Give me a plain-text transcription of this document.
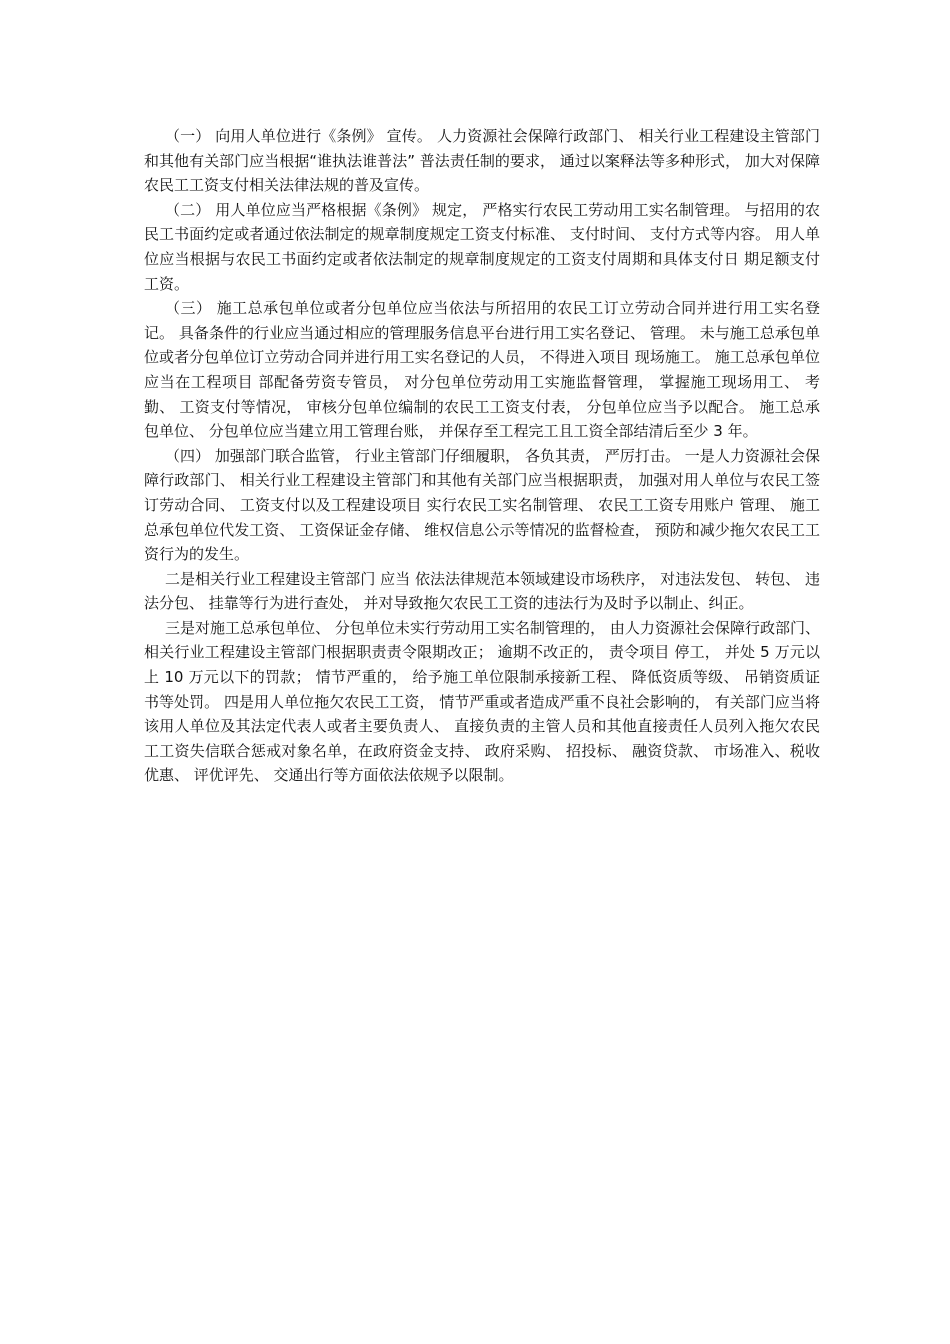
（一） 向用人单位进行《条例》 宣传。 人力资源社会保障行政部门、 相关行业工程建设主管部门和其他有关部门应当根据“谁执法谁普法” 普法责任制的要求， 通过以案释法等多种形式， 加大对保障农民工工资支付相关法律法规的普及宣传。

（二） 用人单位应当严格根据《条例》 规定， 严格实行农民工劳动用工实名制管理。 与招用的农民工书面约定或者通过依法制定的规章制度规定工资支付标准、 支付时间、 支付方式等内容。 用人单位应当根据与农民工书面约定或者依法制定的规章制度规定的工资支付周期和具体支付日 期足额支付工资。

（三） 施工总承包单位或者分包单位应当依法与所招用的农民工订立劳动合同并进行用工实名登记。 具备条件的行业应当通过相应的管理服务信息平台进行用工实名登记、 管理。 未与施工总承包单位或者分包单位订立劳动合同并进行用工实名登记的人员， 不得进入项目 现场施工。 施工总承包单位应当在工程项目 部配备劳资专管员， 对分包单位劳动用工实施监督管理， 掌握施工现场用工、 考勤、 工资支付等情况， 审核分包单位编制的农民工工资支付表， 分包单位应当予以配合。 施工总承包单位、 分包单位应当建立用工管理台账， 并保存至工程完工且工资全部结清后至少 3 年。

（四） 加强部门联合监管， 行业主管部门仔细履职， 各负其责， 严厉打击。 一是人力资源社会保障行政部门、 相关行业工程建设主管部门和其他有关部门应当根据职责， 加强对用人单位与农民工签订劳动合同、 工资支付以及工程建设项目 实行农民工实名制管理、 农民工工资专用账户 管理、 施工总承包单位代发工资、 工资保证金存储、 维权信息公示等情况的监督检查， 预防和减少拖欠农民工工资行为的发生。

二是相关行业工程建设主管部门 应当 依法法律规范本领域建设市场秩序， 对违法发包、 转包、 违法分包、 挂靠等行为进行查处， 并对导致拖欠农民工工资的违法行为及时予以制止、纠正。

三是对施工总承包单位、 分包单位未实行劳动用工实名制管理的， 由人力资源社会保障行政部门、 相关行业工程建设主管部门根据职责责令限期改正； 逾期不改正的， 责令项目 停工， 并处 5 万元以上 10 万元以下的罚款； 情节严重的， 给予施工单位限制承接新工程、 降低资质等级、 吊销资质证书等处罚。 四是用人单位拖欠农民工工资， 情节严重或者造成严重不良社会影响的， 有关部门应当将该用人单位及其法定代表人或者主要负责人、 直接负责的主管人员和其他直接责任人员列入拖欠农民工工资失信联合惩戒对象名单，在政府资金支持、 政府采购、 招投标、 融资贷款、 市场准入、税收优惠、 评优评先、 交通出行等方面依法依规予以限制。
